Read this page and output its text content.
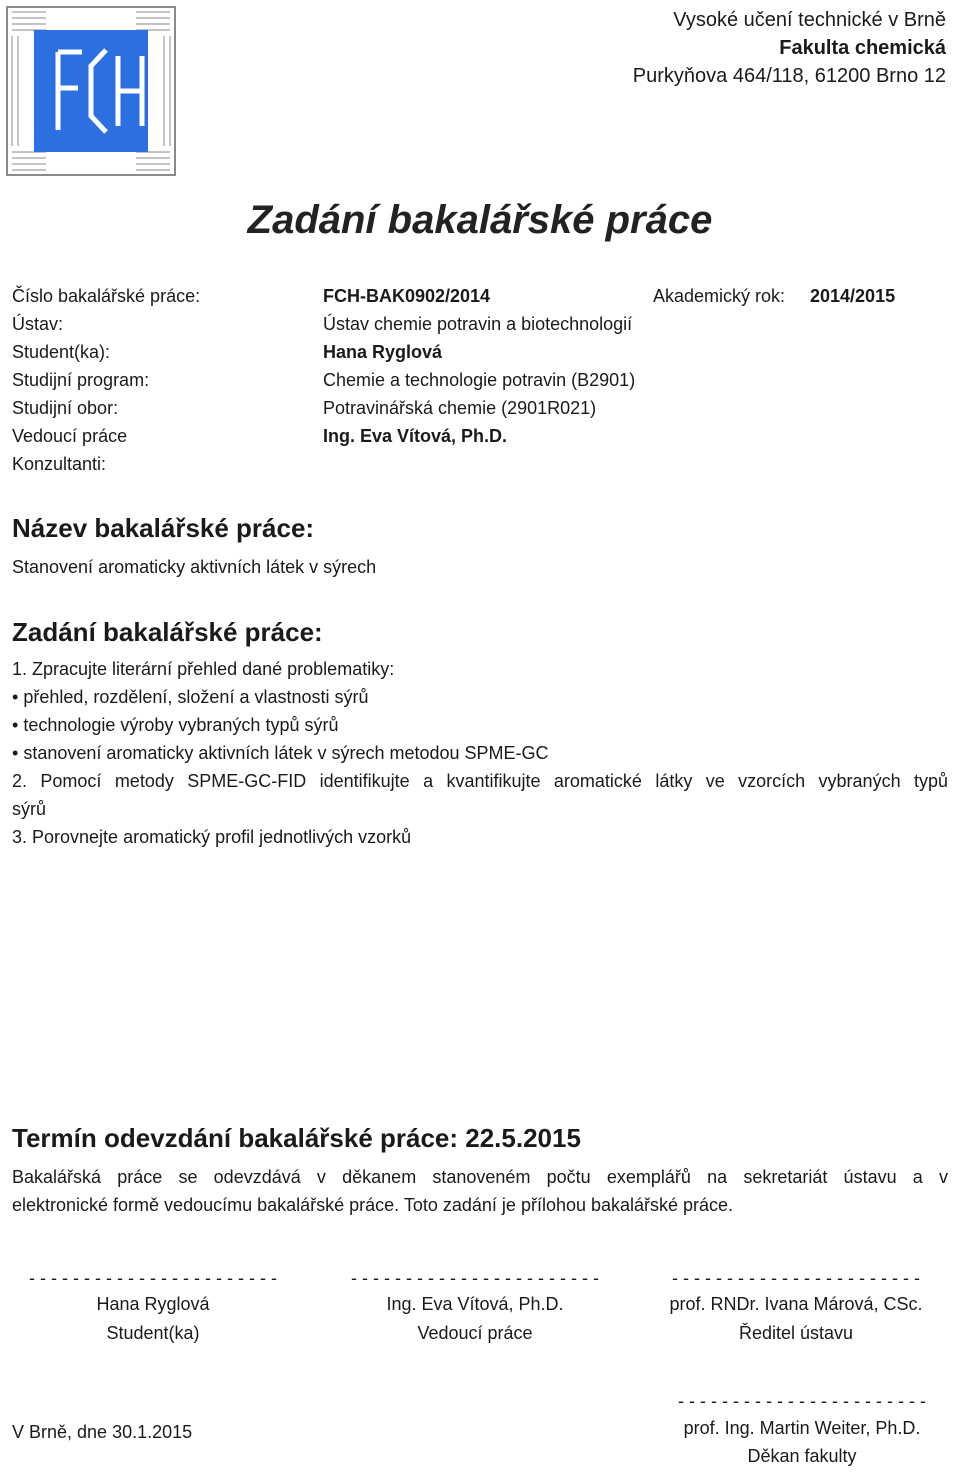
Vysoké učení technické v Brně
Fakulta chemická
Purkyňova 464/118, 61200 Brno 12
Zadání bakalářské práce
Číslo bakalářské práce:	FCH-BAK0902/2014	Akademický rok: 2014/2015
Ústav:	Ústav chemie potravin a biotechnologií
Student(ka):	Hana Ryglová
Studijní program:	Chemie a technologie potravin (B2901)
Studijní obor:	Potravinářská chemie (2901R021)
Vedoucí práce	Ing. Eva Vítová, Ph.D.
Konzultanti:
Název bakalářské práce:
Stanovení aromaticky aktivních látek v sýrech
Zadání bakalářské práce:
1. Zpracujte literární přehled dané problematiky:
• přehled, rozdělení, složení a vlastnosti sýrů
• technologie výroby vybraných typů sýrů
• stanovení aromaticky aktivních látek v sýrech metodou SPME-GC
2. Pomocí metody SPME-GC-FID identifikujte a kvantifikujte aromatické látky ve vzorcích vybraných typů
sýrů
3. Porovnejte aromatický profil jednotlivých vzorků
Termín odevzdání bakalářské práce: 22.5.2015
Bakalářská práce se odevzdává v děkanem stanoveném počtu exemplářů na sekretariát ústavu a v
elektronické formě vedoucímu bakalářské práce. Toto zadání je přílohou bakalářské práce.
- - - - - - - - - - - - - - - - - - - - - - -	- - - - - - - - - - - - - - - - - - - - - - -	- - - - - - - - - - - - - - - - - - - - - - -
Hana Ryglová	Ing. Eva Vítová, Ph.D.	prof. RNDr. Ivana Márová, CSc.
Student(ka)	Vedoucí práce	Ředitel ústavu
- - - - - - - - - - - - - - - - - - - - - - -
V Brně, dne 30.1.2015	prof. Ing. Martin Weiter, Ph.D.
Děkan fakulty
